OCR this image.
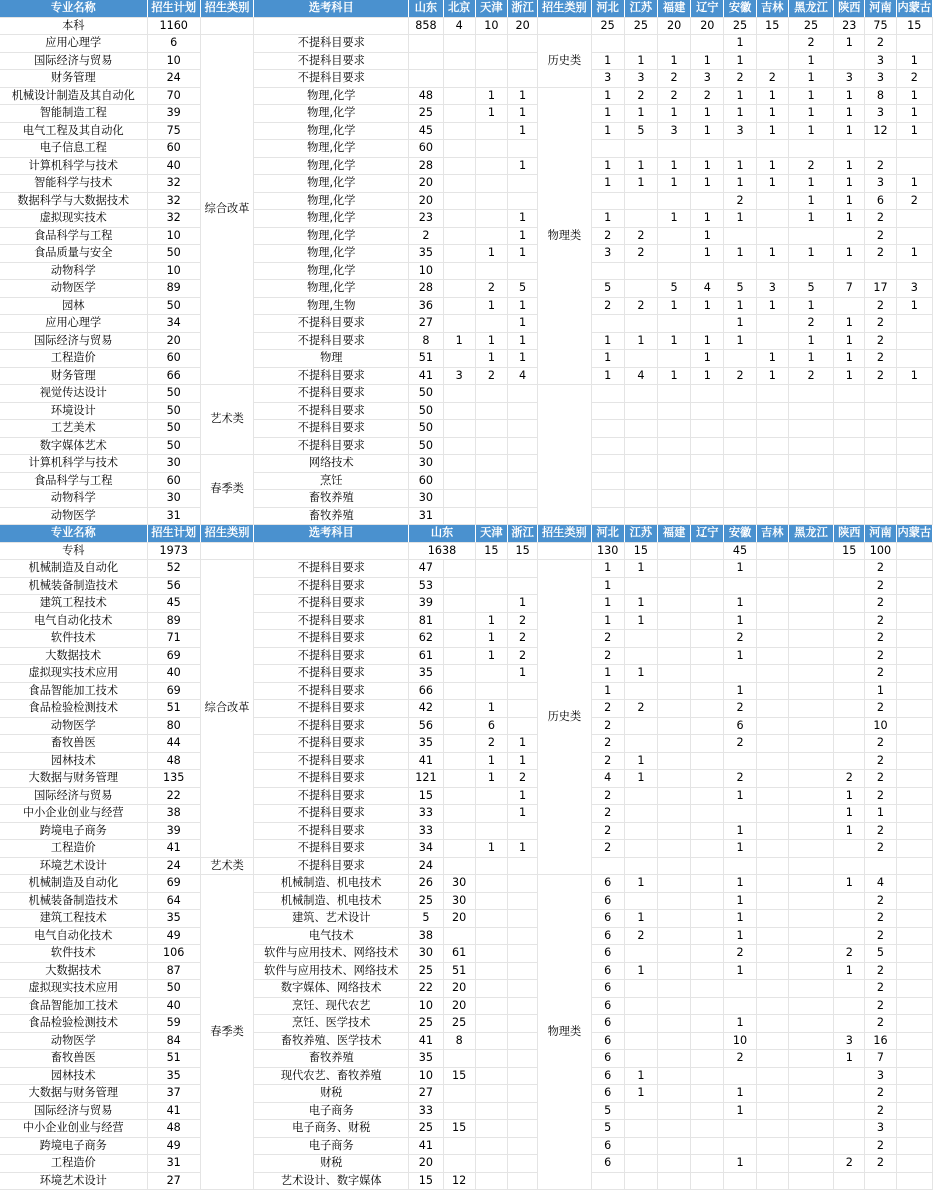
专业名称	招生计划	招生类别	选考科目	山东	北京	天津	浙江	招生类别	河北	江苏	福建	辽宁	安徽	吉林	黑龙江	陕西	河南	内蒙古
本科	1160			858	4	10	20		25	25	20	20	25	15	25	23	75	15
应用心理学	6	综合改革	不提科目要求					历史类					1		2	1	2	
国际经济与贸易	10		不提科目要求						1	1	1	1	1		1		3	1
财务管理	24		不提科目要求						3	3	2	3	2	2	1	3	3	2
机械设计制造及其自动化	70		物理,化学	48		1	1	物理类	1	2	2	2	1	1	1	1	8	1
智能制造工程	39		物理,化学	25		1	1		1	1	1	1	1	1	1	1	3	1
电气工程及其自动化	75		物理,化学	45			1		1	5	3	1	3	1	1	1	12	1
电子信息工程	60		物理,化学	60														
计算机科学与技术	40		物理,化学	28			1		1	1	1	1	1	1	2	1	2	
智能科学与技术	32		物理,化学	20					1	1	1	1	1	1	1	1	3	1
数据科学与大数据技术	32		物理,化学	20									2		1	1	6	2
虚拟现实技术	32		物理,化学	23			1		1		1	1	1		1	1	2	
食品科学与工程	10		物理,化学	2			1		2	2		1					2	
食品质量与安全	50		物理,化学	35		1	1		3	2		1	1	1	1	1	2	1
动物科学	10		物理,化学	10														
动物医学	89		物理,化学	28		2	5		5		5	4	5	3	5	7	17	3
园林	50		物理,生物	36		1	1		2	2	1	1	1	1	1		2	1
应用心理学	34		不提科目要求	27			1						1		2	1	2	
国际经济与贸易	20		不提科目要求	8	1	1	1		1	1	1	1	1		1	1	2	
工程造价	60		物理	51		1	1		1			1		1	1	1	2	
财务管理	66		不提科目要求	41	3	2	4		1	4	1	1	2	1	2	1	2	1
视觉传达设计	50	艺术类	不提科目要求	50														
环境设计	50		不提科目要求	50														
工艺美术	50		不提科目要求	50														
数字媒体艺术	50		不提科目要求	50														
计算机科学与技术	30	春季类	网络技术	30														
食品科学与工程	60		烹饪	60														
动物科学	30		畜牧养殖	30														
动物医学	31		畜牧养殖	31														
专业名称	招生计划	招生类别	选考科目	山东		天津	浙江	招生类别	河北	江苏	福建	辽宁	安徽	吉林	黑龙江	陕西	河南	内蒙古
专科	1973			1638		15	15		130	15			45			15	100	
机械制造及自动化	52	综合改革	不提科目要求	47				历史类	1	1			1				2	
机械装备制造技术	56		不提科目要求	53					1								2	
建筑工程技术	45		不提科目要求	39			1		1	1			1				2	
电气自动化技术	89		不提科目要求	81		1	2		1	1			1				2	
软件技术	71		不提科目要求	62		1	2		2				2				2	
大数据技术	69		不提科目要求	61		1	2		2				1				2	
虚拟现实技术应用	40		不提科目要求	35			1		1	1							2	
食品智能加工技术	69		不提科目要求	66					1				1				1	
食品检验检测技术	51		不提科目要求	42		1			2	2			2				2	
动物医学	80		不提科目要求	56		6			2				6				10	
畜牧兽医	44		不提科目要求	35		2	1		2				2				2	
园林技术	48		不提科目要求	41		1	1		2	1							2	
大数据与财务管理	135		不提科目要求	121		1	2		4	1			2			2	2	
国际经济与贸易	22		不提科目要求	15			1		2				1			1	2	
中小企业创业与经营	38		不提科目要求	33			1		2							1	1	
跨境电子商务	39		不提科目要求	33					2				1			1	2	
工程造价	41		不提科目要求	34		1	1		2				1				2	
环境艺术设计	24	艺术类	不提科目要求	24														
机械制造及自动化	69	春季类	机械制造、机电技术	26	30			物理类	6	1			1			1	4	
机械装备制造技术	64		机械制造、机电技术	25	30				6				1				2	
建筑工程技术	35		建筑、艺术设计	5	20				6	1			1				2	
电气自动化技术	49		电气技术	38					6	2			1				2	
软件技术	106		软件与应用技术、网络技术	30	61				6				2			2	5	
大数据技术	87		软件与应用技术、网络技术	25	51				6	1			1			1	2	
虚拟现实技术应用	50		数字媒体、网络技术	22	20				6								2	
食品智能加工技术	40		烹饪、现代农艺	10	20				6								2	
食品检验检测技术	59		烹饪、医学技术	25	25				6				1				2	
动物医学	84		畜牧养殖、医学技术	41	8				6				10			3	16	
畜牧兽医	51		畜牧养殖	35					6				2			1	7	
园林技术	35		现代农艺、畜牧养殖	10	15				6	1							3	
大数据与财务管理	37		财税	27					6	1			1				2	
国际经济与贸易	41		电子商务	33					5				1				2	
中小企业创业与经营	48		电子商务、财税	25	15				5								3	
跨境电子商务	49		电子商务	41					6								2	
工程造价	31		财税	20					6				1			2	2	
环境艺术设计	27		艺术设计、数字媒体	15	12													
